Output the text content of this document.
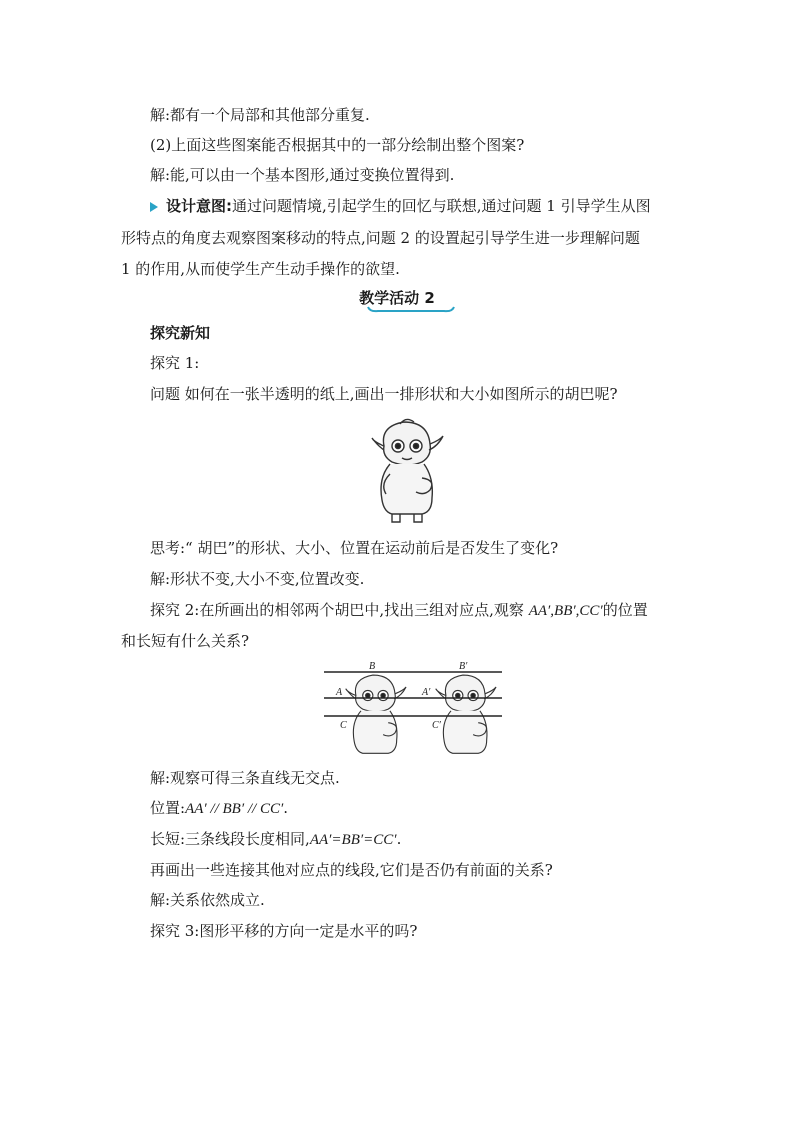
解:都有一个局部和其他部分重复.
(2)上面这些图案能否根据其中的一部分绘制出整个图案?
解:能,可以由一个基本图形,通过变换位置得到.
设计意图:通过问题情境,引起学生的回忆与联想,通过问题 1 引导学生从图
形特点的角度去观察图案移动的特点,问题 2 的设置起引导学生进一步理解问题
1 的作用,从而使学生产生动手操作的欲望.
教学活动 2
探究新知
探究 1:
问题 如何在一张半透明的纸上,画出一排形状和大小如图所示的胡巴呢?
思考:“ 胡巴”的形状、大小、位置在运动前后是否发生了变化?
解:形状不变,大小不变,位置改变.
探究 2:在所画出的相邻两个胡巴中,找出三组对应点,观察 AA′,BB′,CC′的位置
和长短有什么关系?
B	B′
A	A′
C	C′
解:观察可得三条直线无交点.
位置:AA′ // BB′ // CC′.
长短:三条线段长度相同,AA′=BB′=CC′.
再画出一些连接其他对应点的线段,它们是否仍有前面的关系?
解:关系依然成立.
探究 3:图形平移的方向一定是水平的吗?
